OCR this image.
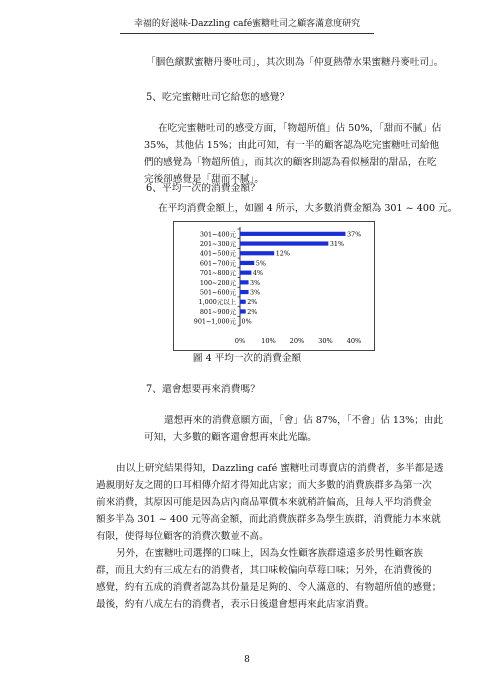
幸福的好滋味-Dazzling café蜜糖吐司之顧客滿意度研究
「胭色繽默蜜糖丹麥吐司」，其次則為「仲夏熱帶水果蜜糖丹麥吐司」。
5、吃完蜜糖吐司它給您的感覺？
在吃完蜜糖吐司的感受方面，「物超所值」佔 50%，「甜而不膩」佔
35%，其他佔 15%；由此可知，有一半的顧客認為吃完蜜糖吐司給他
們的感覺為「物超所值」，而其次的顧客則認為看似極甜的甜品，在吃
完後卻感覺是「甜而不膩」。
6、平均一次的消費金額？
在平均消費金額上，如圖 4 所示，大多數消費金額為 301 ~ 400 元。
301~400元	37%
201~300元	31%
401~500元	12%
601~700元	5%
701~800元	4%
100~200元 3%
501~600元 3%
1,000元以上 2%
801~900元 2%
901~1,000元 0%
0% 10% 20% 30% 40%
圖 4 平均一次的消費金額
7、還會想要再來消費嗎？
還想再來的消費意願方面，「會」佔 87%，「不會」佔 13%；由此
可知，大多數的顧客還會想再來此光臨。
由以上研究結果得知，Dazzling café 蜜糖吐司專賣店的消費者，多半都是透
過親朋好友之間的口耳相傳介紹才得知此店家；而大多數的消費族群多為第一次
前來消費，其原因可能是因為店內商品單價本來就稍許偏高，且每人平均消費金
額多半為 301 ~ 400 元等高金額，而此消費族群多為學生族群，消費能力本來就
有限，使得每位顧客的消費次數並不高。
另外，在蜜糖吐司選擇的口味上，因為女性顧客族群遠遠多於男性顧客族
群，而且大約有三成左右的消費者，其口味較偏向草莓口味；另外，在消費後的
感覺，約有五成的消費者認為其份量是足夠的、令人滿意的、有物超所值的感覺；
最後，約有八成左右的消費者，表示日後還會想再來此店家消費。
8
